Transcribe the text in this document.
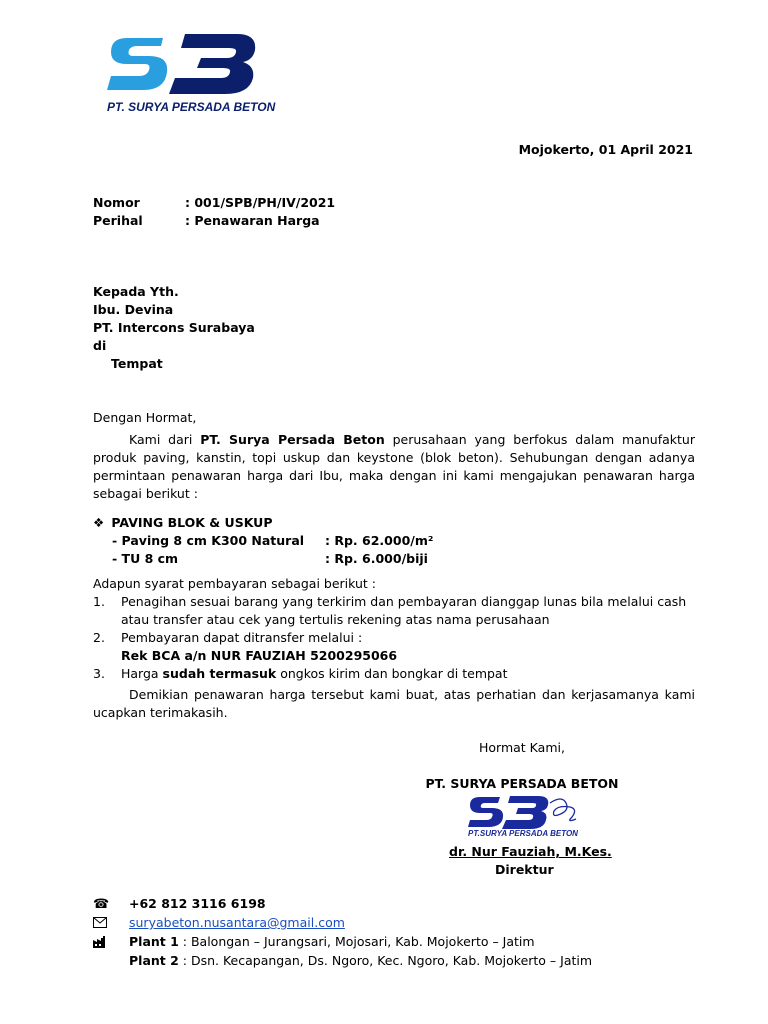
PT. SURYA PERSADA BETON
Mojokerto, 01 April 2021
Nomor	: 001/SPB/PH/IV/2021
Perihal	: Penawaran Harga
Kepada Yth.
Ibu. Devina
PT. Intercons Surabaya
di
Tempat
Dengan Hormat,
Kami dari PT. Surya Persada Beton perusahaan yang berfokus dalam manufaktur produk paving, kanstin, topi uskup dan keystone (blok beton). Sehubungan dengan adanya permintaan penawaran harga dari Ibu, maka dengan ini kami mengajukan penawaran harga sebagai berikut :
❖ PAVING BLOK & USKUP
- Paving 8 cm K300 Natural : Rp. 62.000/m²
- TU 8 cm	: Rp. 6.000/biji
Adapun syarat pembayaran sebagai berikut :
1. Penagihan sesuai barang yang terkirim dan pembayaran dianggap lunas bila melalui cash
atau transfer atau cek yang tertulis rekening atas nama perusahaan
2. Pembayaran dapat ditransfer melalui :
Rek BCA a/n NUR FAUZIAH 5200295066
3. Harga sudah termasuk ongkos kirim dan bongkar di tempat
Demikian penawaran harga tersebut kami buat, atas perhatian dan kerjasamanya kami ucapkan terimakasih.
Hormat Kami,
PT. SURYA PERSADA BETON
PT.SURYA PERSADA BETON
dr. Nur Fauziah, M.Kes.
Direktur
☎ +62 812 3116 6198
suryabeton.nusantara@gmail.com
Plant 1 : Balongan – Jurangsari, Mojosari, Kab. Mojokerto – Jatim
Plant 2 : Dsn. Kecapangan, Ds. Ngoro, Kec. Ngoro, Kab. Mojokerto – Jatim
